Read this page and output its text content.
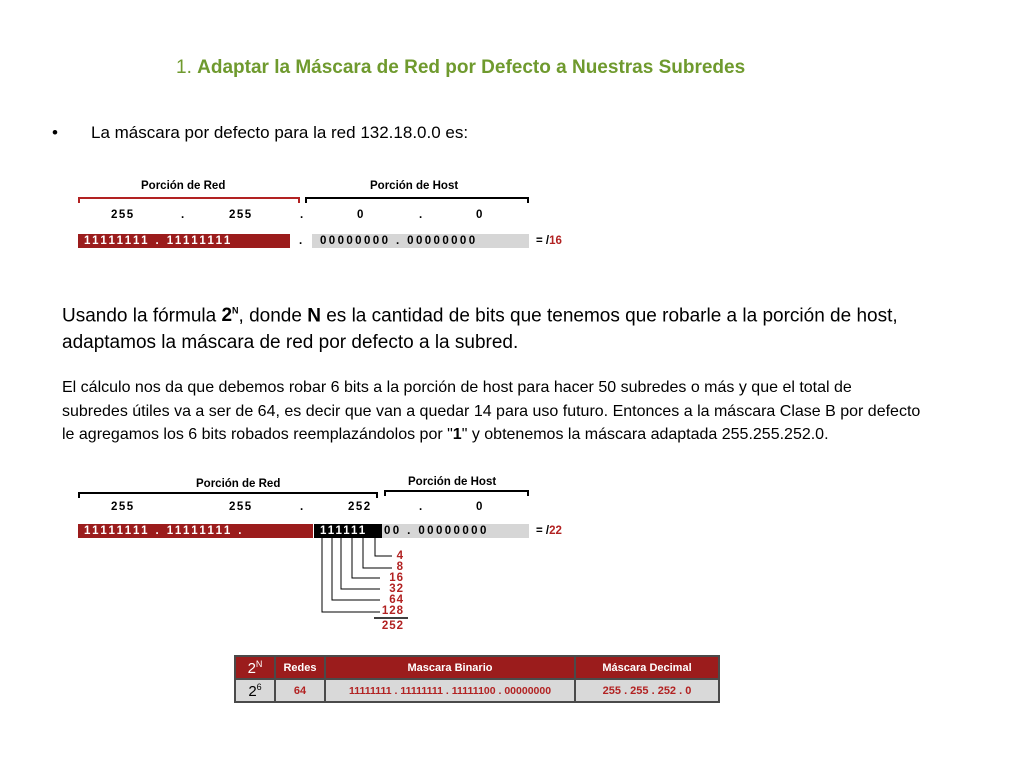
1. Adaptar la Máscara de Red por Defecto a Nuestras Subredes
• La máscara por defecto para la red 132.18.0.0 es:
Porción de Red	Porción de Host
255	.	255	.	0	.	0
11111111 . 11111111	. 00000000 . 00000000	= /16
Usando la fórmula $2^N$, donde N es la cantidad de bits que tenemos que robarle a la porción de host, adaptamos la máscara de red por defecto a la subred.
El cálculo nos da que debemos robar 6 bits a la porción de host para hacer 50 subredes o más y que el total de subredes útiles va a ser de 64, es decir que van a quedar 14 para uso futuro. Entonces a la máscara Clase B por defecto le agregamos los 6 bits robados reemplazándolos por "1" y obtenemos la máscara adaptada 255.255.252.0.
Porción de Red	Porción de Host
255	255	.	252	.	0
11111111 . 11111111 .	111111 00 . 00000000	= /22
4
8
16
32
64
128
252
$2^N$	Redes	Mascara Binario	Máscara Decimal
$2^6$	64	11111111 . 11111111 . 11111100 . 00000000	255 . 255 . 252 . 0
